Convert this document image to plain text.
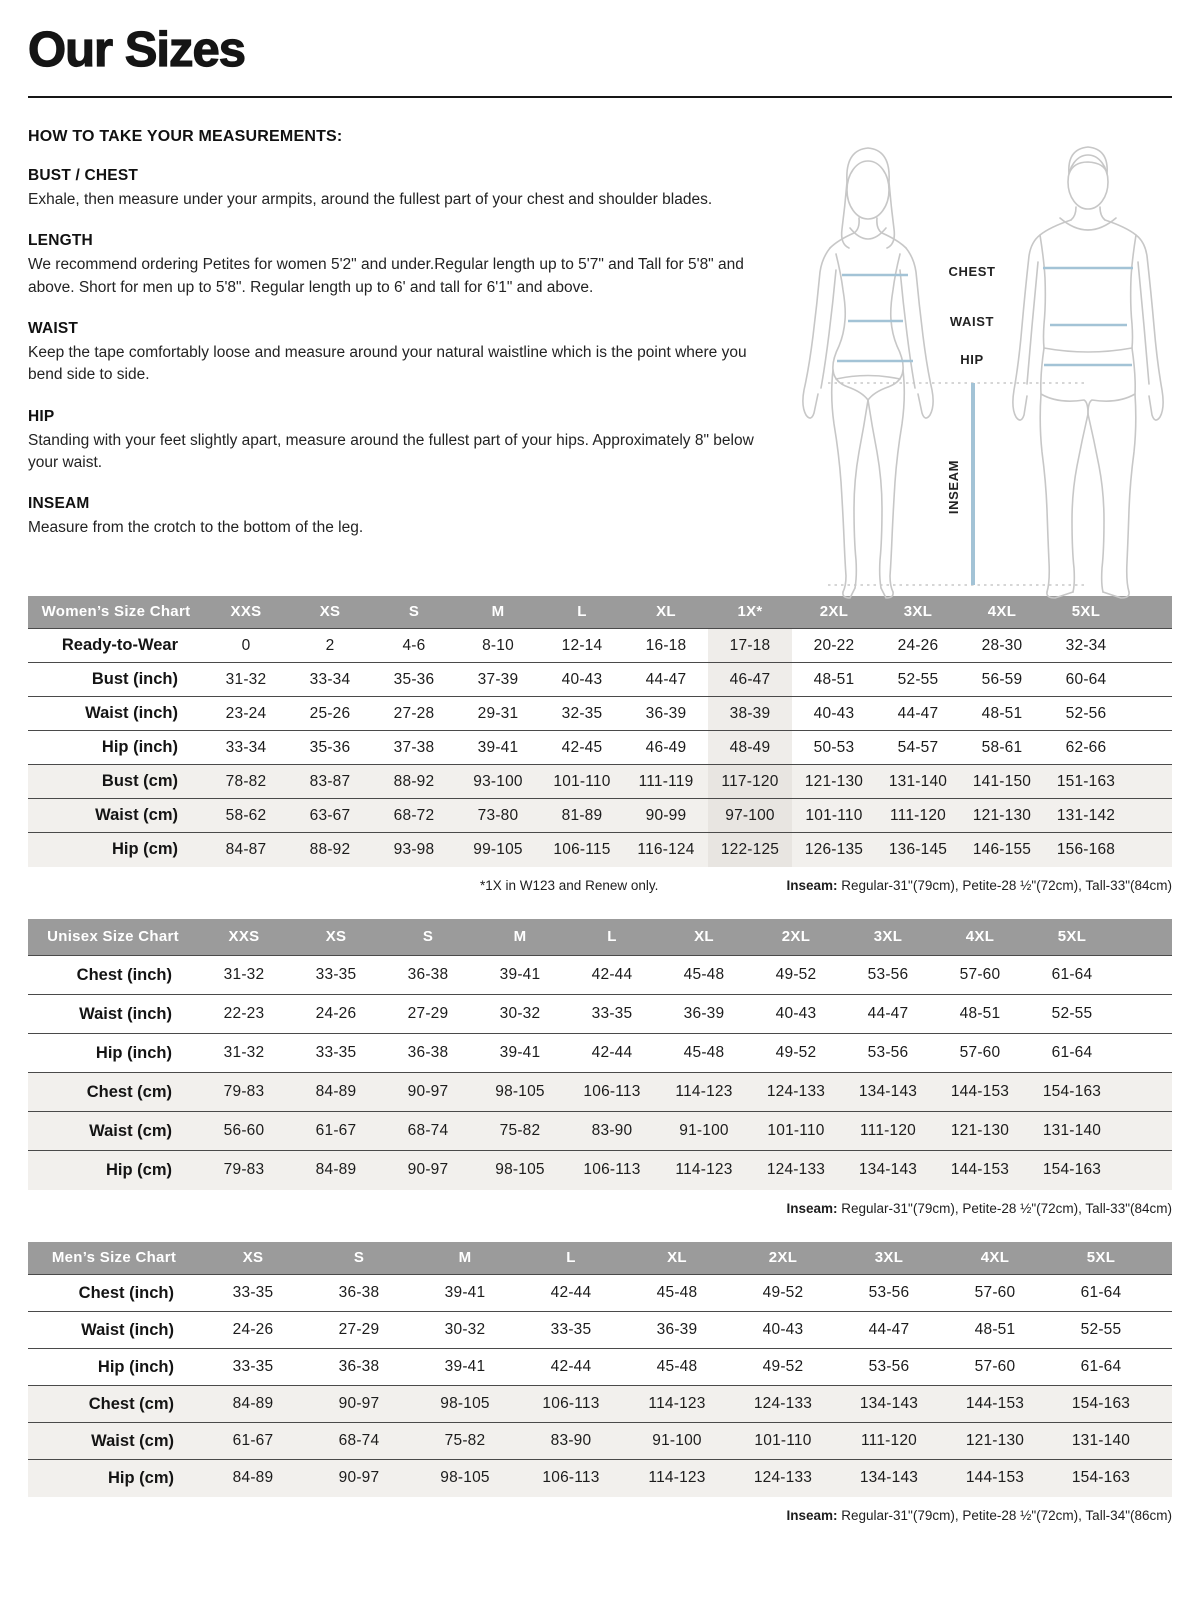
Our Sizes

HOW TO TAKE YOUR MEASUREMENTS:

BUST / CHEST

Exhale, then measure under your armpits, around the fullest part of your chest and shoulder blades.

LENGTH

We recommend ordering Petites for women 5'2" and under.Regular length up to 5'7" and Tall for 5'8" and above. Short for men up to 5'8". Regular length up to 6' and tall for 6'1" and above.

WAIST

Keep the tape comfortably loose and measure around your natural waistline which is the point where you bend side to side.

HIP

Standing with your feet slightly apart, measure around the fullest part of your hips. Approximately 8" below your waist.

INSEAM

Measure from the crotch to the bottom of the leg.

CHEST
WAIST
HIP
INSEAM
Women’s Size Chart	XXS	XS	S	M	L	XL	1X*	2XL	3XL	4XL	5XL	
Ready-to-Wear	0	2	4-6	8-10	12-14	16-18	17-18	20-22	24-26	28-30	32-34	
Bust (inch)	31-32	33-34	35-36	37-39	40-43	44-47	46-47	48-51	52-55	56-59	60-64	
Waist (inch)	23-24	25-26	27-28	29-31	32-35	36-39	38-39	40-43	44-47	48-51	52-56	
Hip (inch)	33-34	35-36	37-38	39-41	42-45	46-49	48-49	50-53	54-57	58-61	62-66	
Bust (cm)	78-82	83-87	88-92	93-100	101-110	111-119	117-120	121-130	131-140	141-150	151-163	
Waist (cm)	58-62	63-67	68-72	73-80	81-89	90-99	97-100	101-110	111-120	121-130	131-142	
Hip (cm)	84-87	88-92	93-98	99-105	106-115	116-124	122-125	126-135	136-145	146-155	156-168	
*1X in W123 and Renew only.	Inseam: Regular-31"(79cm), Petite-28 ½"(72cm), Tall-33"(84cm)
Unisex Size Chart	XXS	XS	S	M	L	XL	2XL	3XL	4XL	5XL	
Chest (inch)	31-32	33-35	36-38	39-41	42-44	45-48	49-52	53-56	57-60	61-64	
Waist (inch)	22-23	24-26	27-29	30-32	33-35	36-39	40-43	44-47	48-51	52-55	
Hip (inch)	31-32	33-35	36-38	39-41	42-44	45-48	49-52	53-56	57-60	61-64	
Chest (cm)	79-83	84-89	90-97	98-105	106-113	114-123	124-133	134-143	144-153	154-163	
Waist (cm)	56-60	61-67	68-74	75-82	83-90	91-100	101-110	111-120	121-130	131-140	
Hip (cm)	79-83	84-89	90-97	98-105	106-113	114-123	124-133	134-143	144-153	154-163	
Inseam: Regular-31"(79cm), Petite-28 ½"(72cm), Tall-33"(84cm)
Men’s Size Chart	XS	S	M	L	XL	2XL	3XL	4XL	5XL	
Chest (inch)	33-35	36-38	39-41	42-44	45-48	49-52	53-56	57-60	61-64	
Waist (inch)	24-26	27-29	30-32	33-35	36-39	40-43	44-47	48-51	52-55	
Hip (inch)	33-35	36-38	39-41	42-44	45-48	49-52	53-56	57-60	61-64	
Chest (cm)	84-89	90-97	98-105	106-113	114-123	124-133	134-143	144-153	154-163	
Waist (cm)	61-67	68-74	75-82	83-90	91-100	101-110	111-120	121-130	131-140	
Hip (cm)	84-89	90-97	98-105	106-113	114-123	124-133	134-143	144-153	154-163	
Inseam: Regular-31"(79cm), Petite-28 ½"(72cm), Tall-34"(86cm)
